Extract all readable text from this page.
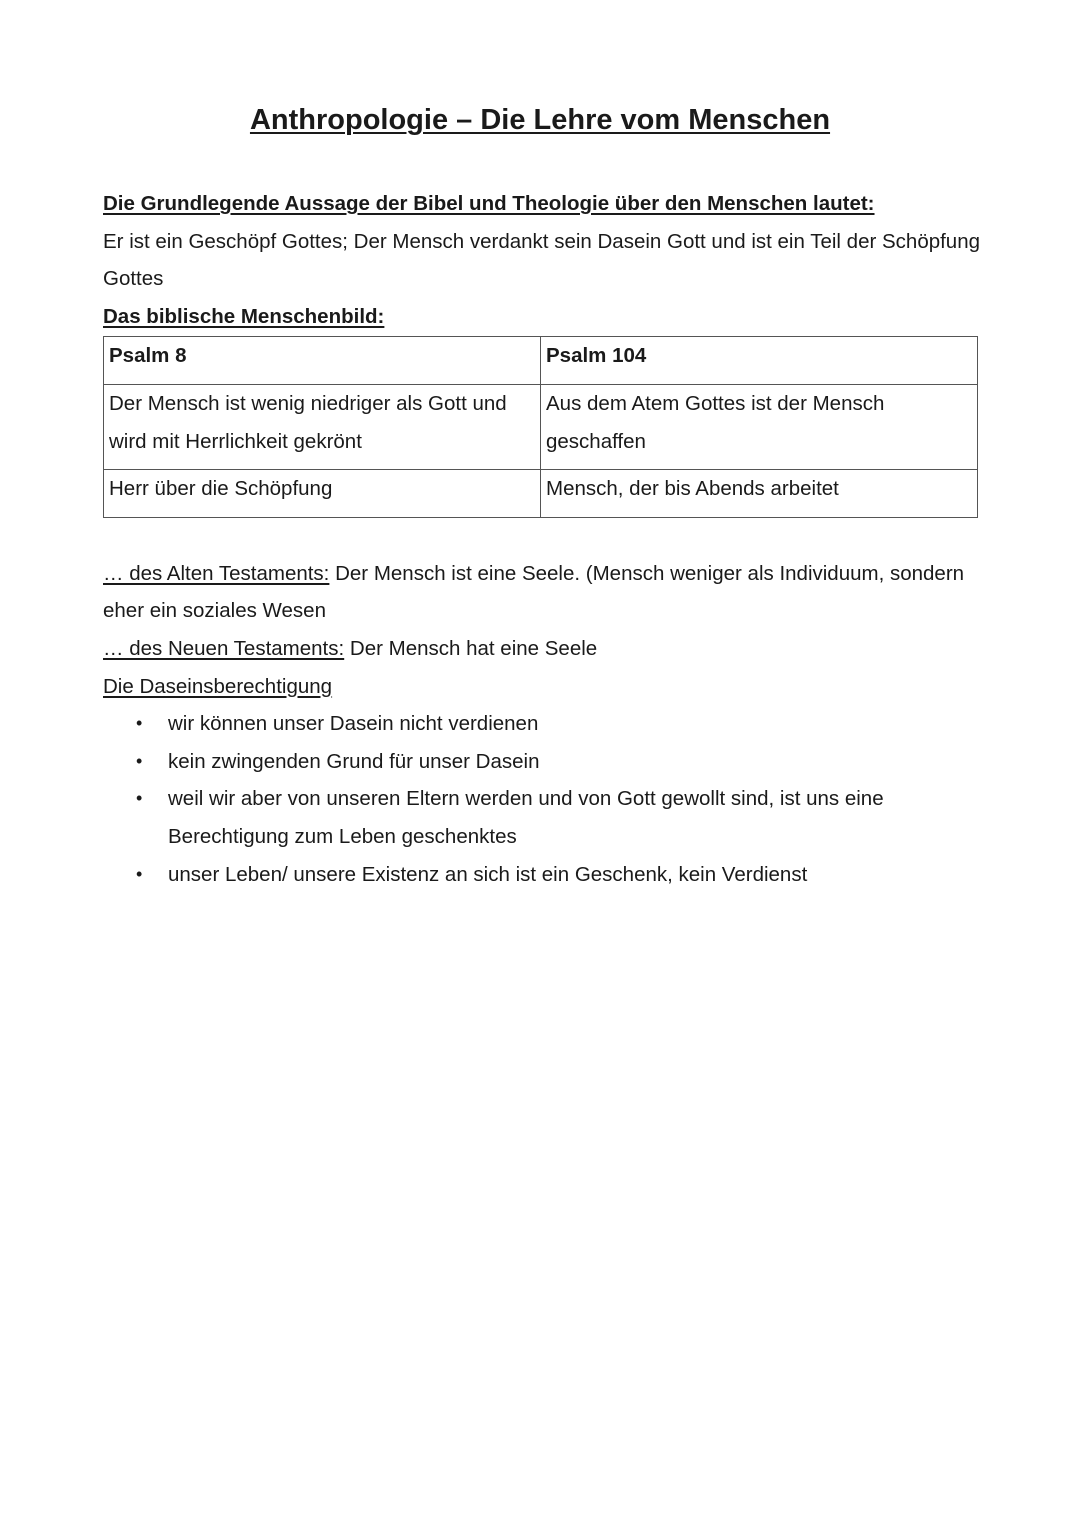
Anthropologie – Die Lehre vom Menschen

Die Grundlegende Aussage der Bibel und Theologie über den Menschen lautet:

Er ist ein Geschöpf Gottes; Der Mensch verdankt sein Dasein Gott und ist ein Teil der Schöpfung Gottes

Das biblische Menschenbild:

Psalm 8	Psalm 104
Der Mensch ist wenig niedriger als Gott und wird mit Herrlichkeit gekrönt	Aus dem Atem Gottes ist der Mensch geschaffen
Herr über die Schöpfung	Mensch, der bis Abends arbeitet

… des Alten Testaments: Der Mensch ist eine Seele. (Mensch weniger als Individuum, sondern eher ein soziales Wesen

… des Neuen Testaments: Der Mensch hat eine Seele

Die Daseinsberechtigung

• wir können unser Dasein nicht verdienen
• kein zwingenden Grund für unser Dasein
• weil wir aber von unseren Eltern werden und von Gott gewollt sind, ist uns eine Berechtigung zum Leben geschenktes
• unser Leben/ unsere Existenz an sich ist ein Geschenk, kein Verdienst
